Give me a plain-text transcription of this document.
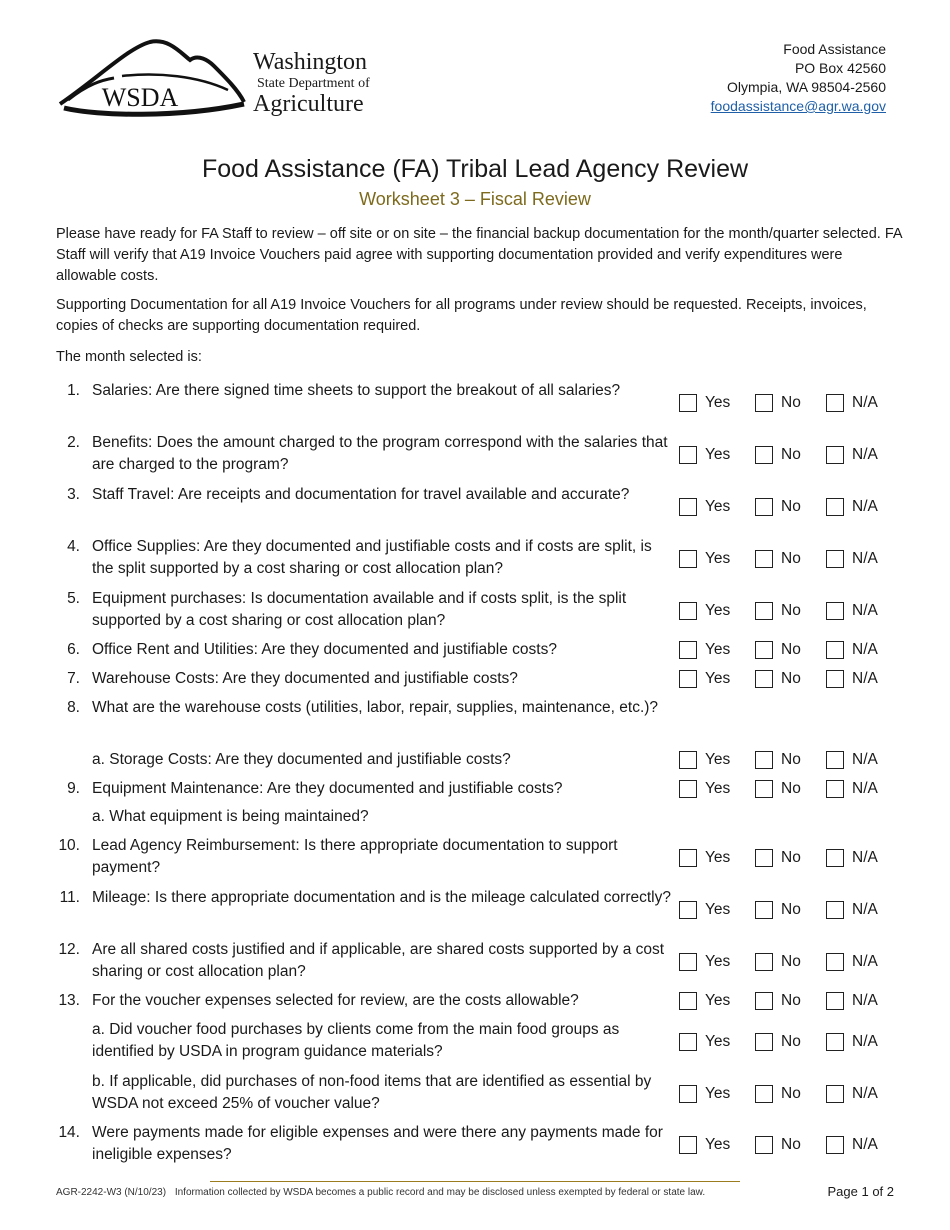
WSDA
Washington
State Department of
Agriculture
Food Assistance
PO Box 42560
Olympia, WA 98504-2560
foodassistance@agr.wa.gov
Food Assistance (FA) Tribal Lead Agency Review
Worksheet 3 – Fiscal Review

Please have ready for FA Staff to review – off site or on site – the financial backup documentation for the month/quarter selected. FA Staff will verify that A19 Invoice Vouchers paid agree with supporting documentation provided and verify expenditures were allowable costs.

Supporting Documentation for all A19 Invoice Vouchers for all programs under review should be requested. Receipts, invoices, copies of checks are supporting documentation required.

The month selected is:
1. Salaries: Are there signed time sheets to support the breakout of all salaries?
Yes	No	N/A
2. Benefits: Does the amount charged to the program correspond with the salaries that are charged to the program?
Yes	No	N/A
3. Staff Travel: Are receipts and documentation for travel available and accurate?
Yes	No	N/A
4. Office Supplies: Are they documented and justifiable costs and if costs are split, is the split supported by a cost sharing or cost allocation plan?
Yes	No	N/A
5. Equipment purchases: Is documentation available and if costs split, is the split supported by a cost sharing or cost allocation plan?
Yes	No	N/A
6. Office Rent and Utilities: Are they documented and justifiable costs?	Yes	No	N/A
7. Warehouse Costs: Are they documented and justifiable costs?	Yes	No	N/A
8. What are the warehouse costs (utilities, labor, repair, supplies, maintenance, etc.)?
a. Storage Costs: Are they documented and justifiable costs?	Yes	No	N/A
9. Equipment Maintenance: Are they documented and justifiable costs?	Yes	No	N/A
a. What equipment is being maintained?
10. Lead Agency Reimbursement: Is there appropriate documentation to support payment?
Yes	No	N/A
11. Mileage: Is there appropriate documentation and is the mileage calculated correctly?
Yes	No	N/A
12. Are all shared costs justified and if applicable, are shared costs supported by a cost sharing or cost allocation plan?
Yes	No	N/A
13. For the voucher expenses selected for review, are the costs allowable?	Yes	No	N/A
a. Did voucher food purchases by clients come from the main food groups as identified by USDA in program guidance materials?
Yes	No	N/A
b. If applicable, did purchases of non-food items that are identified as essential by WSDA not exceed 25% of voucher value?
Yes	No	N/A
14. Were payments made for eligible expenses and were there any payments made for ineligible expenses?
Yes	No	N/A
AGR-2242-W3 (N/10/23) Information collected by WSDA becomes a public record and may be disclosed unless exempted by federal or state law.	Page 1 of 2
